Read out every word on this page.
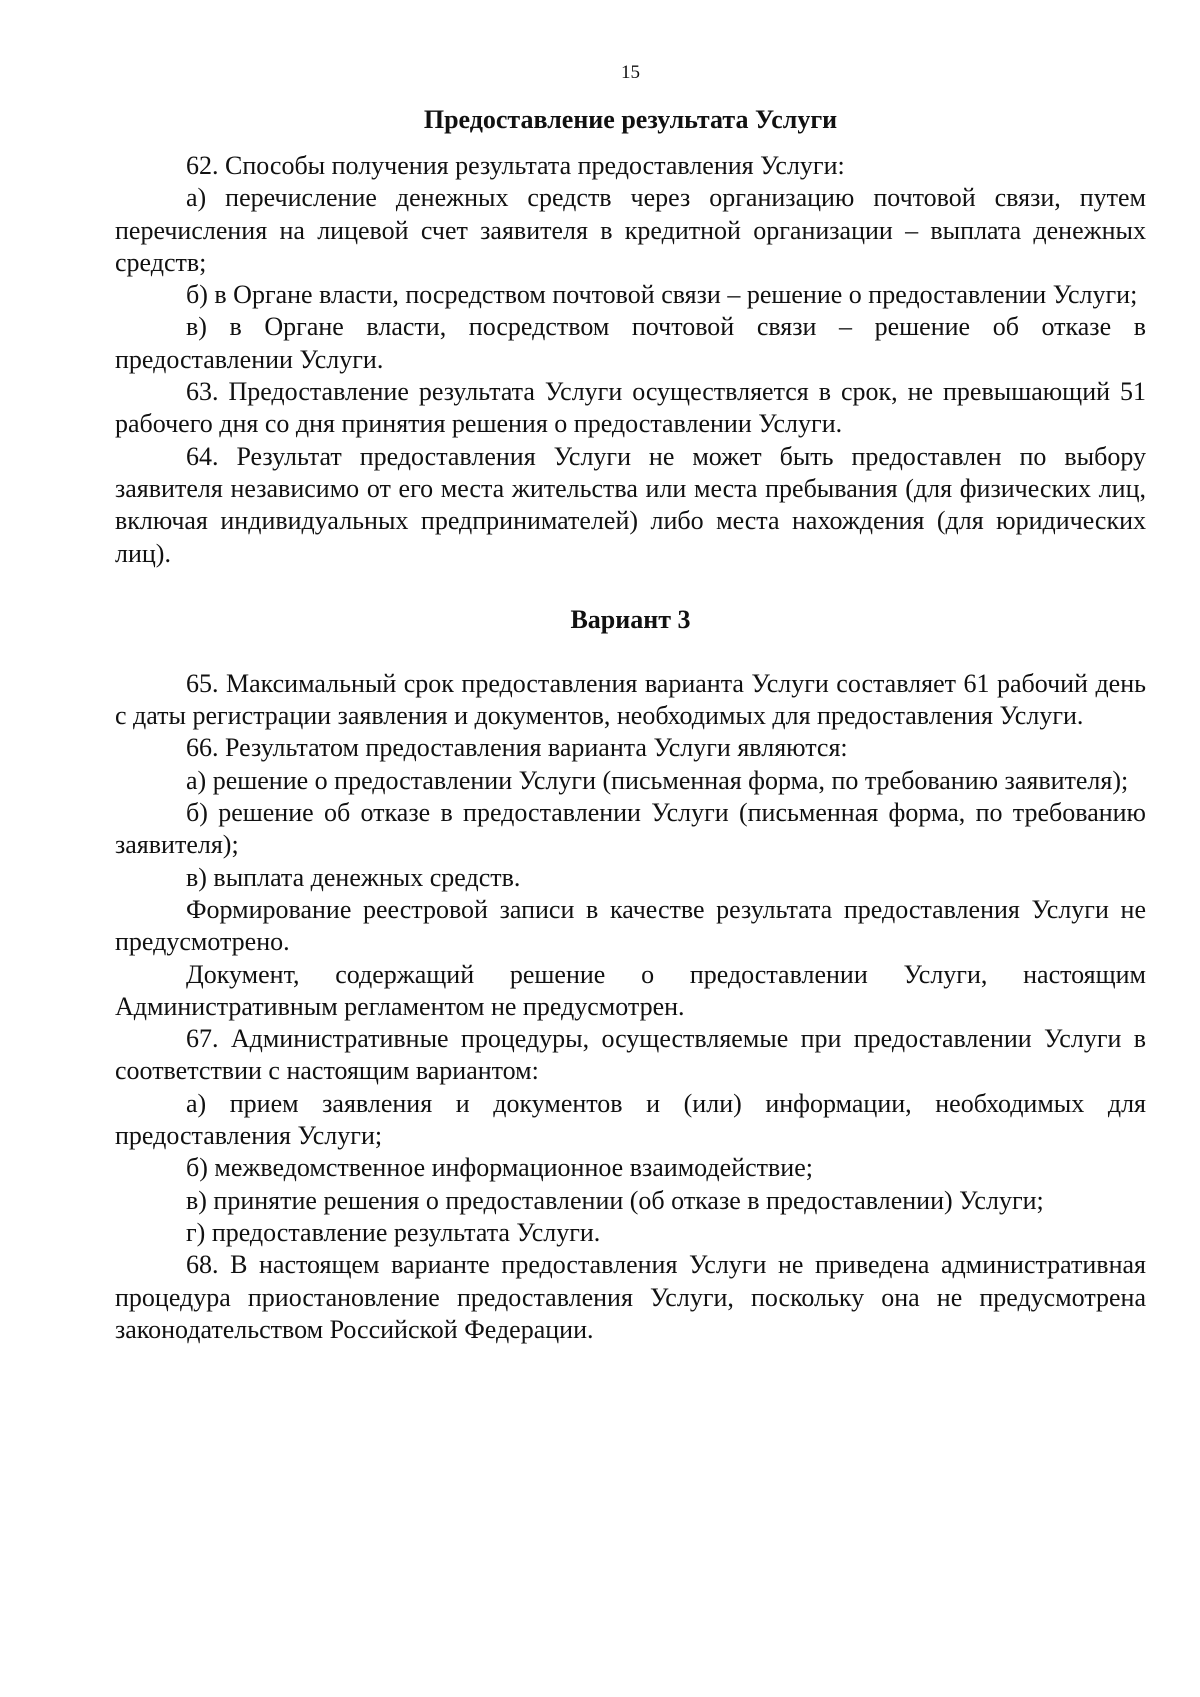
15
Предоставление результата Услуги

62. Способы получения результата предоставления Услуги:

а) перечисление денежных средств через организацию почтовой связи, путем перечисления на лицевой счет заявителя в кредитной организации – выплата денежных средств;

б) в Органе власти, посредством почтовой связи – решение о предоставлении Услуги;

в) в Органе власти, посредством почтовой связи – решение об отказе в предоставлении Услуги.

63. Предоставление результата Услуги осуществляется в срок, не превышающий 51 рабочего дня со дня принятия решения о предоставлении Услуги.

64. Результат предоставления Услуги не может быть предоставлен по выбору заявителя независимо от его места жительства или места пребывания (для физических лиц, включая индивидуальных предпринимателей) либо места нахождения (для юридических лиц).

Вариант 3

65. Максимальный срок предоставления варианта Услуги составляет 61 рабочий день с даты регистрации заявления и документов, необходимых для предоставления Услуги.

66. Результатом предоставления варианта Услуги являются:

а) решение о предоставлении Услуги (письменная форма, по требованию заявителя);

б) решение об отказе в предоставлении Услуги (письменная форма, по требованию заявителя);

в) выплата денежных средств.

Формирование реестровой записи в качестве результата предоставления Услуги не предусмотрено.

Документ, содержащий решение о предоставлении Услуги, настоящим Административным регламентом не предусмотрен.

67. Административные процедуры, осуществляемые при предоставлении Услуги в соответствии с настоящим вариантом:

а) прием заявления и документов и (или) информации, необходимых для предоставления Услуги;

б) межведомственное информационное взаимодействие;

в) принятие решения о предоставлении (об отказе в предоставлении) Услуги;

г) предоставление результата Услуги.

68. В настоящем варианте предоставления Услуги не приведена административная процедура приостановление предоставления Услуги, поскольку она не предусмотрена законодательством Российской Федерации.
